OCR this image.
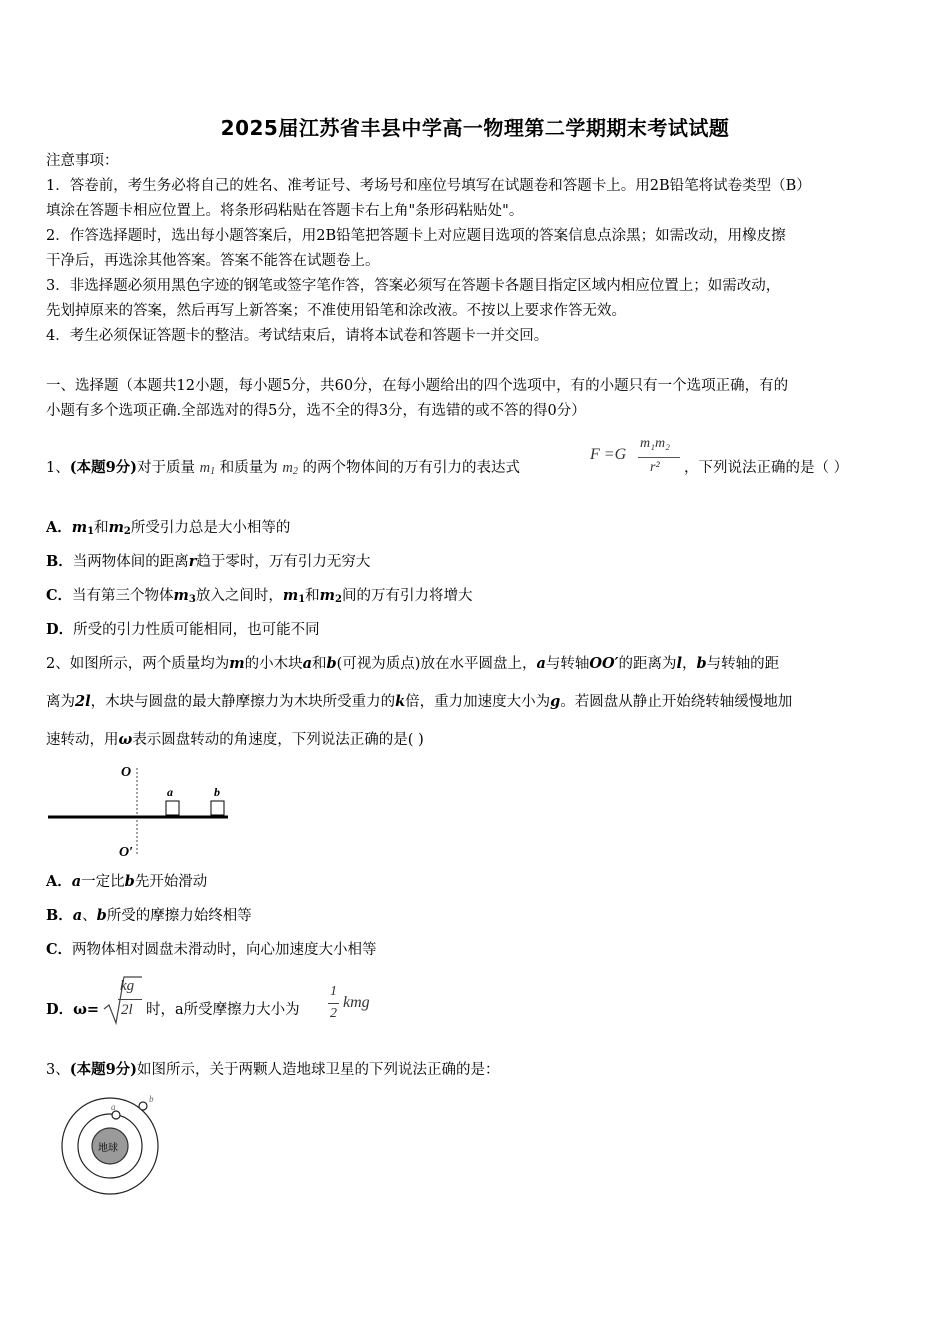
2025届江苏省丰县中学高一物理第二学期期末考试试题
注意事项：
1．答卷前，考生务必将自己的姓名、准考证号、考场号和座位号填写在试题卷和答题卡上。用2B铅笔将试卷类型（B）
填涂在答题卡相应位置上。将条形码粘贴在答题卡右上角"条形码粘贴处"。
2．作答选择题时，选出每小题答案后，用2B铅笔把答题卡上对应题目选项的答案信息点涂黑；如需改动，用橡皮擦
干净后，再选涂其他答案。答案不能答在试题卷上。
3．非选择题必须用黑色字迹的钢笔或签字笔作答，答案必须写在答题卡各题目指定区域内相应位置上；如需改动，
先划掉原来的答案，然后再写上新答案；不准使用铅笔和涂改液。不按以上要求作答无效。
4．考生必须保证答题卡的整洁。考试结束后，请将本试卷和答题卡一并交回。
一、选择题（本题共12小题，每小题5分，共60分，在每小题给出的四个选项中，有的小题只有一个选项正确，有的
小题有多个选项正确.全部选对的得5分，选不全的得3分，有选错的或不答的得0分）
1、(本题9分)对于质量 $m_1$ 和质量为 $m_2$ 的两个物体间的万有引力的表达式
F =G
m₁m₂
r² ，下列说法正确的是（ ）
A．$m_1$和$m_2$所受引力总是大小相等的
B．当两物体间的距离r趋于零时，万有引力无穷大
C．当有第三个物体$m_3$放入之间时，$m_1$和$m_2$间的万有引力将增大
D．所受的引力性质可能相同，也可能不同
2、如图所示，两个质量均为m的小木块a和b(可视为质点)放在水平圆盘上，a与转轴OO′的距离为l，b与转轴的距
离为2l，木块与圆盘的最大静摩擦力为木块所受重力的k倍，重力加速度大小为g。若圆盘从静止开始绕转轴缓慢地加
速转动，用ω表示圆盘转动的角速度，下列说法正确的是( )
O
O′
a	b
A．a一定比b先开始滑动
B．a、b所受的摩擦力始终相等
C．两物体相对圆盘未滑动时，向心加速度大小相等
D．ω=
kg
2l 时，a所受摩擦力大小为
1
2
kmg
3、(本题9分)如图所示，关于两颗人造地球卫星的下列说法正确的是：
地球
a
b
